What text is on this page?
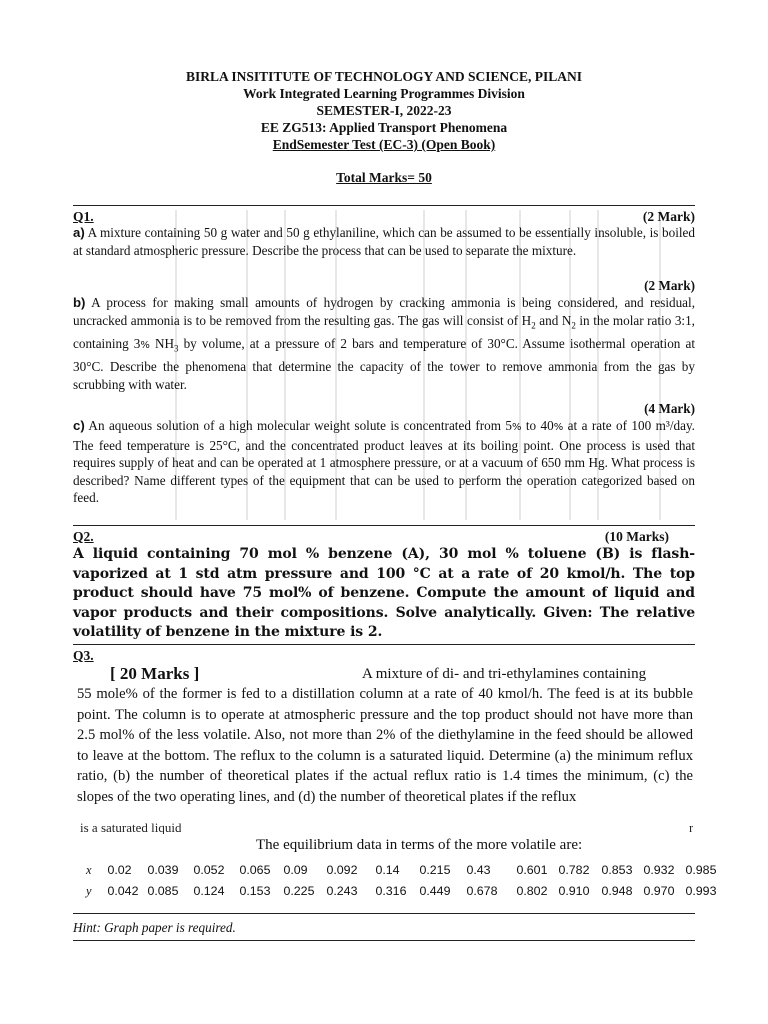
BIRLA INSITITUTE OF TECHNOLOGY AND SCIENCE, PILANI
Work Integrated Learning Programmes Division
SEMESTER-I, 2022-23
EE ZG513: Applied Transport Phenomena
EndSemester Test (EC-3) (Open Book)
Total Marks= 50
Q1.	(2 Mark)
a) A mixture containing 50 g water and 50 g ethylaniline, which can be assumed to be essentially insoluble, is boiled at standard atmospheric pressure. Describe the process that can be used to separate the mixture.
(2 Mark)
b) A process for making small amounts of hydrogen by cracking ammonia is being considered, and residual, uncracked ammonia is to be removed from the resulting gas. The gas will consist of $H_2$ and $N_2$ in the molar ratio 3:1, containing 3% $NH_3$ by volume, at a pressure of 2 bars and temperature of 30°C. Assume isothermal operation at 30°C. Describe the phenomena that determine the capacity of the tower to remove ammonia from the gas by scrubbing with water.
(4 Mark)
c) An aqueous solution of a high molecular weight solute is concentrated from 5% to 40% at a rate of 100 m³/day. The feed temperature is 25°C, and the concentrated product leaves at its boiling point. One process is used that requires supply of heat and can be operated at 1 atmosphere pressure, or at a vacuum of 650 mm Hg. What process is described? Name different types of the equipment that can be used to perform the operation categorized based on feed.
Q2.	(10 Marks)
A liquid containing 70 mol % benzene (A), 30 mol % toluene (B) is flash-vaporized at 1 std atm pressure and 100 °C at a rate of 20 kmol/h. The top product should have 75 mol% of benzene. Compute the amount of liquid and vapor products and their compositions. Solve analytically. Given: The relative volatility of benzene in the mixture is 2.
Q3.
[ 20 Marks ]	A mixture of di- and tri-ethylamines containing
55 mole% of the former is fed to a distillation column at a rate of 40 kmol/h. The feed is at its bubble point. The column is to operate at atmospheric pressure and the top product should not have more than 2.5 mol% of the less volatile. Also, not more than 2% of the diethylamine in the feed should be allowed to leave at the bottom. The reflux to the column is a saturated liquid. Determine (a) the minimum reflux ratio, (b) the number of theoretical plates if the actual reflux ratio is 1.4 times the minimum, (c) the slopes of the two operating lines, and (d) the number of theoretical plates if the reflux
is a saturated liquid	r
The equilibrium data in terms of the more volatile are:
x 0.02 0.039 0.052 0.065 0.09 0.092 0.14 0.215 0.43 0.601 0.782 0.853 0.932 0.985
y 0.042 0.085 0.124 0.153 0.225 0.243 0.316 0.449 0.678 0.802 0.910 0.948 0.970 0.993
Hint: Graph paper is required.
